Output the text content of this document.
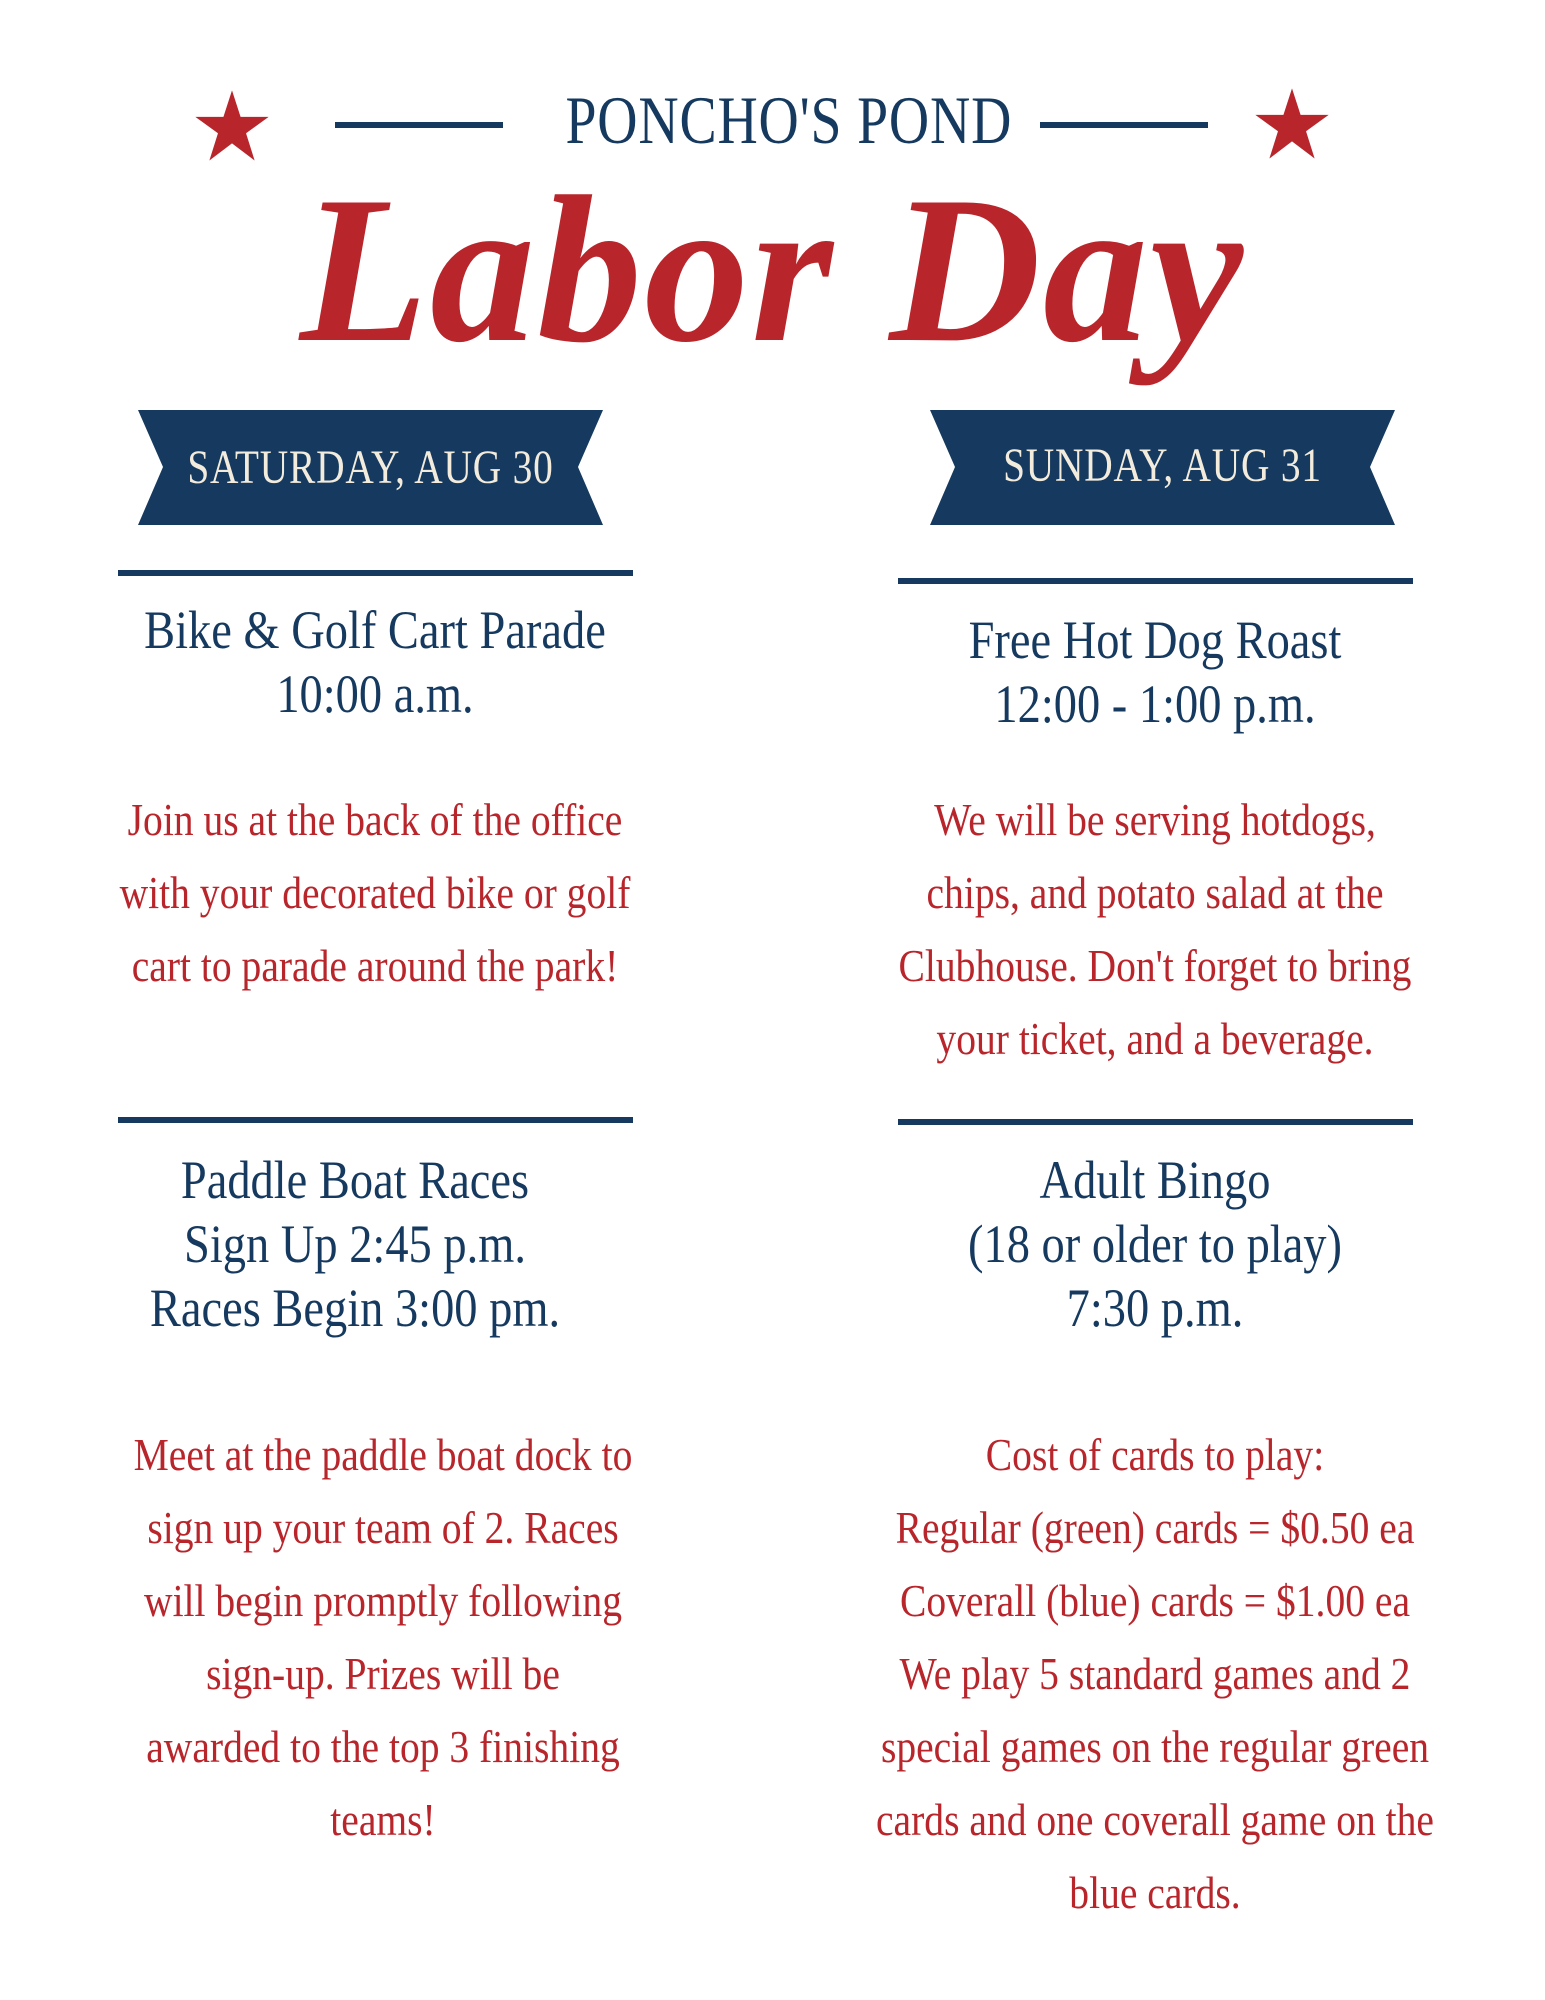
PONCHO'S POND
Labor Day
SATURDAY, AUG 30	SUNDAY, AUG 31
Bike & Golf Cart Parade
10:00 a.m.
Join us at the back of the office
with your decorated bike or golf
cart to parade around the park!
Paddle Boat Races
Sign Up 2:45 p.m.
Races Begin 3:00 pm.
Meet at the paddle boat dock to
sign up your team of 2. Races
will begin promptly following
sign-up. Prizes will be
awarded to the top 3 finishing
teams!
Free Hot Dog Roast
12:00 - 1:00 p.m.
We will be serving hotdogs,
chips, and potato salad at the
Clubhouse. Don't forget to bring
your ticket, and a beverage.
Adult Bingo
(18 or older to play)
7:30 p.m.
Cost of cards to play:
Regular (green) cards = $0.50 ea
Coverall (blue) cards = $1.00 ea
We play 5 standard games and 2
special games on the regular green
cards and one coverall game on the
blue cards.
